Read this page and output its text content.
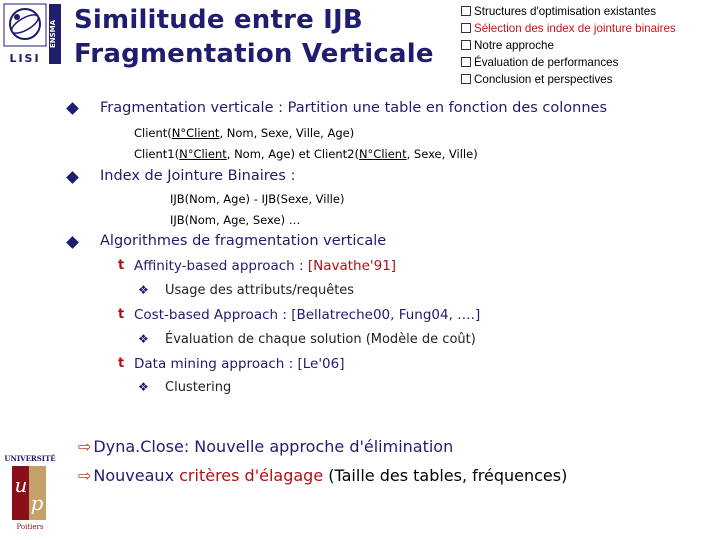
ENSMA
LISI
Similitude entre IJB
Fragmentation Verticale
Structures d'optimisation existantes
Sélection des index de jointure binaires
Notre approche
Évaluation de performances
Conclusion et perspectives
Fragmentation verticale : Partition une table en fonction des colonnes
Client(N°Client, Nom, Sexe, Ville, Age)
Client1(N°Client, Nom, Age) et Client2(N°Client, Sexe, Ville)
Index de Jointure Binaires :
IJB(Nom, Age) - IJB(Sexe, Ville)
IJB(Nom, Age, Sexe) …
Algorithmes de fragmentation verticale
t Affinity-based approach : [Navathe'91]
❖ Usage des attributs/requêtes
t Cost-based Approach : [Bellatreche00, Fung04, ….]
❖ Évaluation de chaque solution (Modèle de coût)
t Data mining approach : [Le'06]
❖ Clustering
⇨ Dyna.Close: Nouvelle approche d'élimination
⇨ Nouveaux critères d'élagage (Taille des tables, fréquences)
UNIVERSITÉ
u
p
Poitiers
